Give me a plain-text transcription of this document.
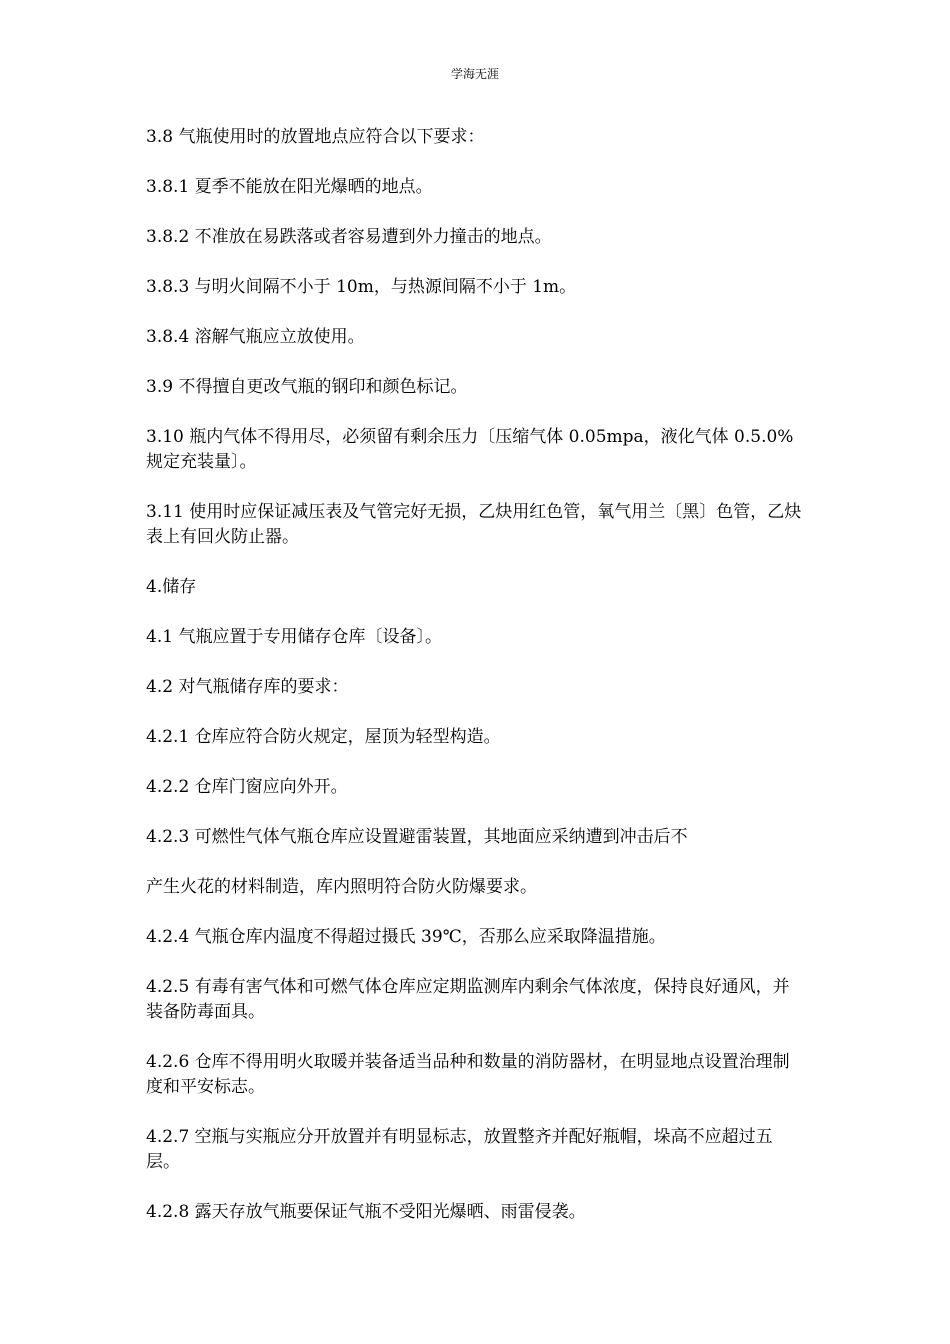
学海无涯

3.8 气瓶使用时的放置地点应符合以下要求：

3.8.1 夏季不能放在阳光爆晒的地点。

3.8.2 不准放在易跌落或者容易遭到外力撞击的地点。

3.8.3 与明火间隔不小于 10m，与热源间隔不小于 1m。

3.8.4 溶解气瓶应立放使用。

3.9 不得擅自更改气瓶的钢印和颜色标记。

3.10 瓶内气体不得用尽，必须留有剩余压力〔压缩气体 0.05mpa，液化气体 0.5.0%规定充装量〕。

3.11 使用时应保证减压表及气管完好无损，乙炔用红色管，氧气用兰〔黑〕色管，乙炔表上有回火防止器。

4.储存

4.1 气瓶应置于专用储存仓库〔设备〕。

4.2 对气瓶储存库的要求：

4.2.1 仓库应符合防火规定，屋顶为轻型构造。

4.2.2 仓库门窗应向外开。

4.2.3 可燃性气体气瓶仓库应设置避雷装置，其地面应采纳遭到冲击后不

产生火花的材料制造，库内照明符合防火防爆要求。

4.2.4 气瓶仓库内温度不得超过摄氏 39℃，否那么应采取降温措施。

4.2.5 有毒有害气体和可燃气体仓库应定期监测库内剩余气体浓度，保持良好通风，并装备防毒面具。

4.2.6 仓库不得用明火取暖并装备适当品种和数量的消防器材，在明显地点设置治理制度和平安标志。

4.2.7 空瓶与实瓶应分开放置并有明显标志，放置整齐并配好瓶帽，垛高不应超过五层。

4.2.8 露天存放气瓶要保证气瓶不受阳光爆晒、雨雷侵袭。
